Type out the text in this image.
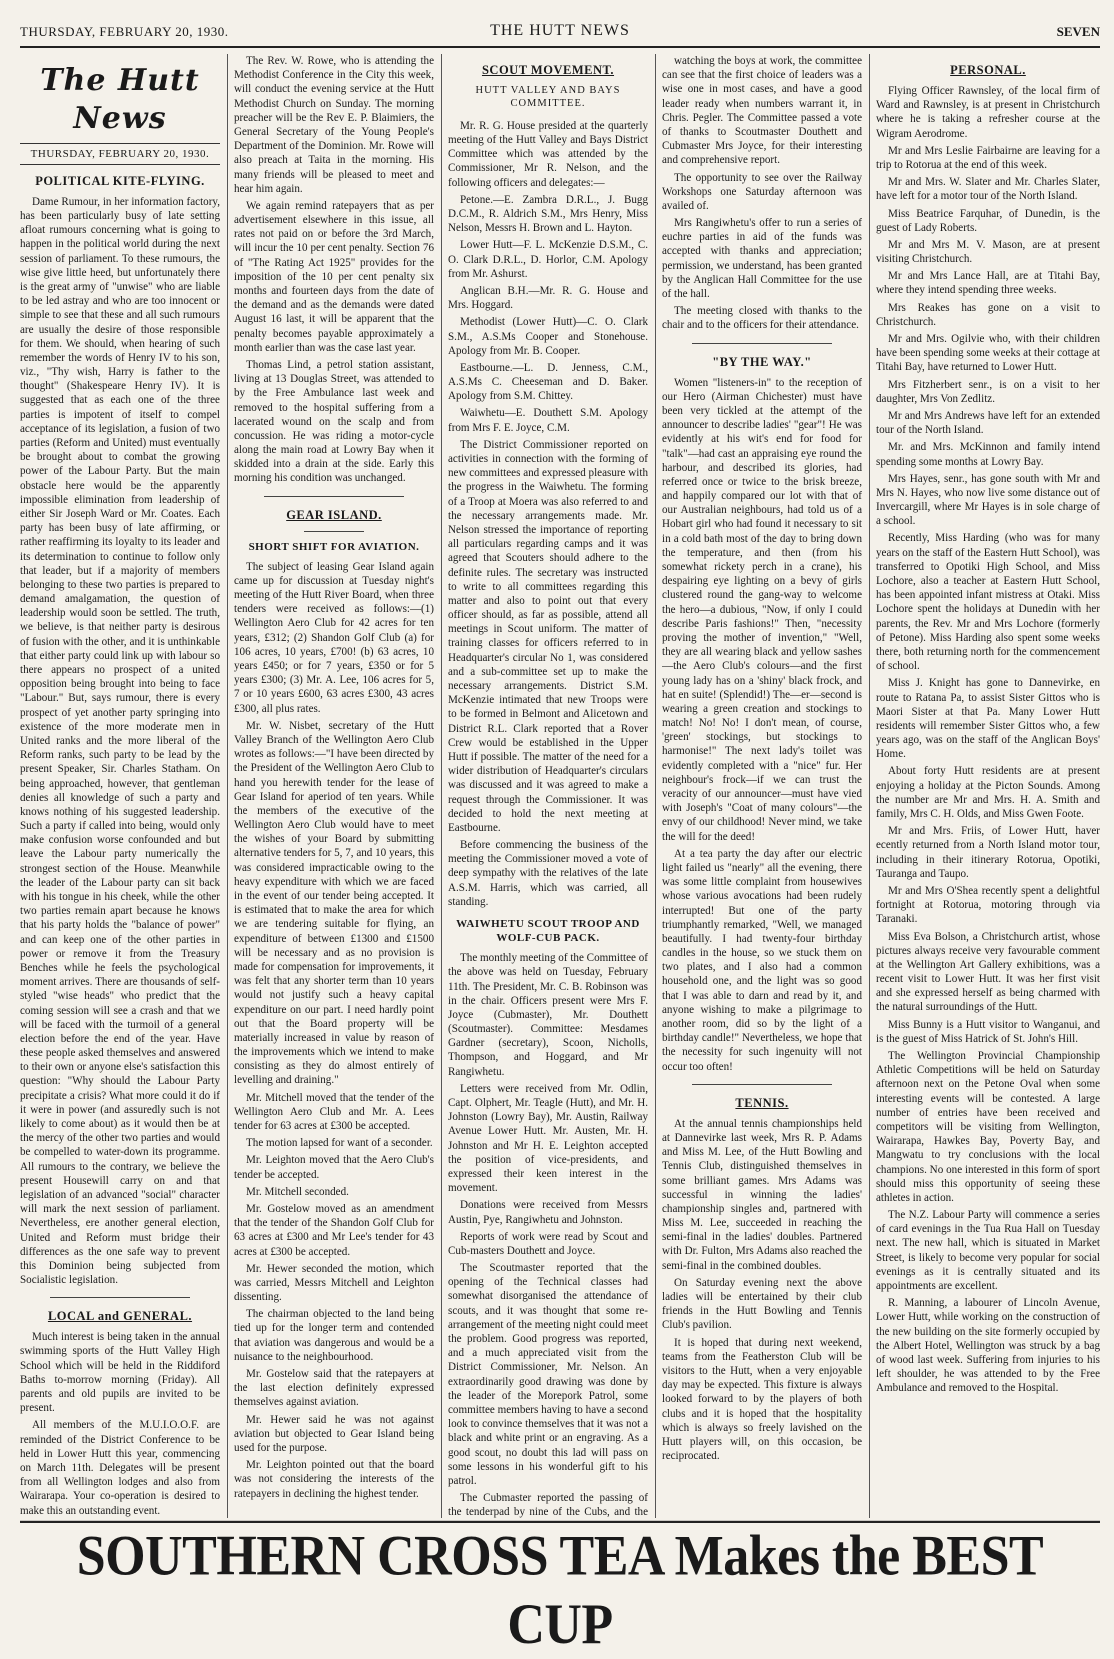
THURSDAY, FEBRUARY 20, 1930.	THE HUTT NEWS	SEVEN
The Hutt News
THURSDAY, FEBRUARY 20, 1930.
POLITICAL KITE-FLYING.

Dame Rumour, in her information factory, has been particularly busy of late setting afloat rumours concerning what is going to happen in the political world during the next session of parliament. To these rumours, the wise give little heed, but unfortunately there is the great army of "unwise" who are liable to be led astray and who are too innocent or simple to see that these and all such rumours are usually the desire of those responsible for them. We should, when hearing of such remember the words of Henry IV to his son, viz., "Thy wish, Harry is father to the thought" (Shakespeare Henry IV). It is suggested that as each one of the three parties is impotent of itself to compel acceptance of its legislation, a fusion of two parties (Reform and United) must eventually be brought about to combat the growing power of the Labour Party. But the main obstacle here would be the apparently impossible elimination from leadership of either Sir Joseph Ward or Mr. Coates. Each party has been busy of late affirming, or rather reaffirming its loyalty to its leader and its determination to continue to follow only that leader, but if a majority of members belonging to these two parties is prepared to demand amalgamation, the question of leadership would soon be settled. The truth, we believe, is that neither party is desirous of fusion with the other, and it is unthinkable that either party could link up with labour so there appears no prospect of a united opposition being brought into being to face "Labour." But, says rumour, there is every prospect of yet another party springing into existence of the more moderate men in United ranks and the more liberal of the Reform ranks, such party to be lead by the present Speaker, Sir. Charles Statham. On being approached, however, that gentleman denies all knowledge of such a party and knows nothing of his suggested leadership. Such a party if called into being, would only make confusion worse confounded and but leave the Labour party numerically the strongest section of the House. Meanwhile the leader of the Labour party can sit back with his tongue in his cheek, while the other two parties remain apart because he knows that his party holds the "balance of power" and can keep one of the other parties in power or remove it from the Treasury Benches while he feels the psychological moment arrives. There are thousands of self-styled "wise heads" who predict that the coming session will see a crash and that we will be faced with the turmoil of a general election before the end of the year. Have these people asked themselves and answered to their own or anyone else's satisfaction this question: "Why should the Labour Party precipitate a crisis? What more could it do if it were in power (and assuredly such is not likely to come about) as it would then be at the mercy of the other two parties and would be compelled to water-down its programme. All rumours to the contrary, we believe the present Housewill carry on and that legislation of an advanced "social" character will mark the next session of parliament. Nevertheless, ere another general election, United and Reform must bridge their differences as the one safe way to prevent this Dominion being subjected from Socialistic legislation.

LOCAL and GENERAL.

Much interest is being taken in the annual swimming sports of the Hutt Valley High School which will be held in the Riddiford Baths to-morrow morning (Friday). All parents and old pupils are invited to be present.

All members of the M.U.I.O.O.F. are reminded of the District Conference to be held in Lower Hutt this year, commencing on March 11th. Delegates will be present from all Wellington lodges and also from Wairarapa. Your co-operation is desired to make this an outstanding event.

The Rev. W. Rowe, who is attending the Methodist Conference in the City this week, will conduct the evening service at the Hutt Methodist Church on Sunday. The morning preacher will be the Rev E. P. Blaimiers, the General Secretary of the Young People's Department of the Dominion. Mr. Rowe will also preach at Taita in the morning. His many friends will be pleased to meet and hear him again.

We again remind ratepayers that as per advertisement elsewhere in this issue, all rates not paid on or before the 3rd March, will incur the 10 per cent penalty. Section 76 of "The Rating Act 1925" provides for the imposition of the 10 per cent penalty six months and fourteen days from the date of the demand and as the demands were dated August 16 last, it will be apparent that the penalty becomes payable approximately a month earlier than was the case last year.

Thomas Lind, a petrol station assistant, living at 13 Douglas Street, was attended to by the Free Ambulance last week and removed to the hospital suffering from a lacerated wound on the scalp and from concussion. He was riding a motor-cycle along the main road at Lowry Bay when it skidded into a drain at the side. Early this morning his condition was unchanged.

GEAR ISLAND.
SHORT SHIFT FOR AVIATION.

The subject of leasing Gear Island again came up for discussion at Tuesday night's meeting of the Hutt River Board, when three tenders were received as follows:—(1) Wellington Aero Club for 42 acres for ten years, £312; (2) Shandon Golf Club (a) for 106 acres, 10 years, £700! (b) 63 acres, 10 years £450; or for 7 years, £350 or for 5 years £300; (3) Mr. A. Lee, 106 acres for 5, 7 or 10 years £600, 63 acres £300, 43 acres £300, all plus rates.

Mr. W. Nisbet, secretary of the Hutt Valley Branch of the Wellington Aero Club wrotes as follows:—"I have been directed by the President of the Wellington Aero Club to hand you herewith tender for the lease of Gear Island for aperiod of ten years. While the members of the executive of the Wellington Aero Club would have to meet the wishes of your Board by submitting alternative tenders for 5, 7, and 10 years, this was considered impracticable owing to the heavy expenditure with which we are faced in the event of our tender being accepted. It is estimated that to make the area for which we are tendering suitable for flying, an expenditure of between £1300 and £1500 will be necessary and as no provision is made for compensation for improvements, it was felt that any shorter term than 10 years would not justify such a heavy capital expenditure on our part. I need hardly point out that the Board property will be materially increased in value by reason of the improvements which we intend to make consisting as they do almost entirely of levelling and draining."

Mr. Mitchell moved that the tender of the Wellington Aero Club and Mr. A. Lees tender for 63 acres at £300 be accepted.

The motion lapsed for want of a seconder.

Mr. Leighton moved that the Aero Club's tender be accepted.

Mr. Mitchell seconded.

Mr. Gostelow moved as an amendment that the tender of the Shandon Golf Club for 63 acres at £300 and Mr Lee's tender for 43 acres at £300 be accepted.

Mr. Hewer seconded the motion, which was carried, Messrs Mitchell and Leighton dissenting.

The chairman objected to the land being tied up for the longer term and contended that aviation was dangerous and would be a nuisance to the neighbourhood.

Mr. Gostelow said that the ratepayers at the last election definitely expressed themselves against aviation.

Mr. Hewer said he was not against aviation but objected to Gear Island being used for the purpose.

Mr. Leighton pointed out that the board was not considering the interests of the ratepayers in declining the highest tender.

SCOUT MOVEMENT.
HUTT VALLEY AND BAYS COMMITTEE.

Mr. R. G. House presided at the quarterly meeting of the Hutt Valley and Bays District Committee which was attended by the Commissioner, Mr R. Nelson, and the following officers and delegates:—

Petone.—E. Zambra D.R.L., J. Bugg D.C.M., R. Aldrich S.M., Mrs Henry, Miss Nelson, Messrs H. Brown and L. Hayton.

Lower Hutt—F. L. McKenzie D.S.M., C. O. Clark D.R.L., D. Horlor, C.M. Apology from Mr. Ashurst.

Anglican B.H.—Mr. R. G. House and Mrs. Hoggard.

Methodist (Lower Hutt)—C. O. Clark S.M., A.S.Ms Cooper and Stonehouse. Apology from Mr. B. Cooper.

Eastbourne.—L. D. Jenness, C.M., A.S.Ms C. Cheeseman and D. Baker. Apology from S.M. Chittey.

Waiwhetu—E. Douthett S.M. Apology from Mrs F. E. Joyce, C.M.

The District Commissioner reported on activities in connection with the forming of new committees and expressed pleasure with the progress in the Waiwhetu. The forming of a Troop at Moera was also referred to and the necessary arrangements made. Mr. Nelson stressed the importance of reporting all particulars regarding camps and it was agreed that Scouters should adhere to the definite rules. The secretary was instructed to write to all committees regarding this matter and also to point out that every officer should, as far as possible, attend all meetings in Scout uniform. The matter of training classes for officers referred to in Headquarter's circular No 1, was considered and a sub-committee set up to make the necessary arrangements. District S.M. McKenzie intimated that new Troops were to be formed in Belmont and Alicetown and District R.L. Clark reported that a Rover Crew would be established in the Upper Hutt if possible. The matter of the need for a wider distribution of Headquarter's circulars was discussed and it was agreed to make a request through the Commissioner. It was decided to hold the next meeting at Eastbourne.

Before commencing the business of the meeting the Commissioner moved a vote of deep sympathy with the relatives of the late A.S.M. Harris, which was carried, all standing.

WAIWHETU SCOUT TROOP AND WOLF-CUB PACK.

The monthly meeting of the Committee of the above was held on Tuesday, February 11th. The President, Mr. C. B. Robinson was in the chair. Officers present were Mrs F. Joyce (Cubmaster), Mr. Douthett (Scoutmaster). Committee: Mesdames Gardner (secretary), Scoon, Nicholls, Thompson, and Hoggard, and Mr Rangiwhetu.

Letters were received from Mr. Odlin, Capt. Olphert, Mr. Teagle (Hutt), and Mr. H. Johnston (Lowry Bay), Mr. Austin, Railway Avenue Lower Hutt. Mr. Austen, Mr. H. Johnston and Mr H. E. Leighton accepted the position of vice-presidents, and expressed their keen interest in the movement.

Donations were received from Messrs Austin, Pye, Rangiwhetu and Johnston.

Reports of work were read by Scout and Cub-masters Douthett and Joyce.

The Scoutmaster reported that the opening of the Technical classes had somewhat disorganised the attendance of scouts, and it was thought that some re-arrangement of the meeting night could meet the problem. Good progress was reported, and a much appreciated visit from the District Commissioner, Mr. Nelson. An extraordinarily good drawing was done by the leader of the Morepork Patrol, some committee members having to have a second look to convince themselves that it was not a black and white print or an engraving. As a good scout, no doubt this lad will pass on some lessons in his wonderful gift to his patrol.

The Cubmaster reported the passing of the tenderpad by nine of the Cubs, and the

watching the boys at work, the committee can see that the first choice of leaders was a wise one in most cases, and have a good leader ready when numbers warrant it, in Chris. Pegler. The Committee passed a vote of thanks to Scoutmaster Douthett and Cubmaster Mrs Joyce, for their interesting and comprehensive report.

The opportunity to see over the Railway Workshops one Saturday afternoon was availed of.

Mrs Rangiwhetu's offer to run a series of euchre parties in aid of the funds was accepted with thanks and appreciation; permission, we understand, has been granted by the Anglican Hall Committee for the use of the hall.

The meeting closed with thanks to the chair and to the officers for their attendance.

"BY THE WAY."

Women "listeners-in" to the reception of our Hero (Airman Chichester) must have been very tickled at the attempt of the announcer to describe ladies' "gear"! He was evidently at his wit's end for food for "talk"—had cast an appraising eye round the harbour, and described its glories, had referred once or twice to the brisk breeze, and happily compared our lot with that of our Australian neighbours, had told us of a Hobart girl who had found it necessary to sit in a cold bath most of the day to bring down the temperature, and then (from his somewhat rickety perch in a crane), his despairing eye lighting on a bevy of girls clustered round the gang-way to welcome the hero—a dubious, "Now, if only I could describe Paris fashions!" Then, "necessity proving the mother of invention," "Well, they are all wearing black and yellow sashes—the Aero Club's colours—and the first young lady has on a 'shiny' black frock, and hat en suite! (Splendid!) The—er—second is wearing a green creation and stockings to match! No! No! I don't mean, of course, 'green' stockings, but stockings to harmonise!" The next lady's toilet was evidently completed with a "nice" fur. Her neighbour's frock—if we can trust the veracity of our announcer—must have vied with Joseph's "Coat of many colours"—the envy of our childhood! Never mind, we take the will for the deed!

At a tea party the day after our electric light failed us "nearly" all the evening, there was some little complaint from housewives whose various avocations had been rudely interrupted! But one of the party triumphantly remarked, "Well, we managed beautifully. I had twenty-four birthday candles in the house, so we stuck them on two plates, and I also had a common household one, and the light was so good that I was able to darn and read by it, and anyone wishing to make a pilgrimage to another room, did so by the light of a birthday candle!" Nevertheless, we hope that the necessity for such ingenuity will not occur too often!

TENNIS.

At the annual tennis championships held at Dannevirke last week, Mrs R. P. Adams and Miss M. Lee, of the Hutt Bowling and Tennis Club, distinguished themselves in some brilliant games. Mrs Adams was successful in winning the ladies' championship singles and, partnered with Miss M. Lee, succeeded in reaching the semi-final in the ladies' doubles. Partnered with Dr. Fulton, Mrs Adams also reached the semi-final in the combined doubles.

On Saturday evening next the above ladies will be entertained by their club friends in the Hutt Bowling and Tennis Club's pavilion.

It is hoped that during next weekend, teams from the Featherston Club will be visitors to the Hutt, when a very enjoyable day may be expected. This fixture is always looked forward to by the players of both clubs and it is hoped that the hospitality which is always so freely lavished on the Hutt players will, on this occasion, be reciprocated.

PERSONAL.

Flying Officer Rawnsley, of the local firm of Ward and Rawnsley, is at present in Christchurch where he is taking a refresher course at the Wigram Aerodrome.

Mr and Mrs Leslie Fairbairne are leaving for a trip to Rotorua at the end of this week.

Mr and Mrs. W. Slater and Mr. Charles Slater, have left for a motor tour of the North Island.

Miss Beatrice Farquhar, of Dunedin, is the guest of Lady Roberts.

Mr and Mrs M. V. Mason, are at present visiting Christchurch.

Mr and Mrs Lance Hall, are at Titahi Bay, where they intend spending three weeks.

Mrs Reakes has gone on a visit to Christchurch.

Mr and Mrs. Ogilvie who, with their children have been spending some weeks at their cottage at Titahi Bay, have returned to Lower Hutt.

Mrs Fitzherbert senr., is on a visit to her daughter, Mrs Von Zedlitz.

Mr and Mrs Andrews have left for an extended tour of the North Island.

Mr. and Mrs. McKinnon and family intend spending some months at Lowry Bay.

Mrs Hayes, senr., has gone south with Mr and Mrs N. Hayes, who now live some distance out of Invercargill, where Mr Hayes is in sole charge of a school.

Recently, Miss Harding (who was for many years on the staff of the Eastern Hutt School), was transferred to Opotiki High School, and Miss Lochore, also a teacher at Eastern Hutt School, has been appointed infant mistress at Otaki. Miss Lochore spent the holidays at Dunedin with her parents, the Rev. Mr and Mrs Lochore (formerly of Petone). Miss Harding also spent some weeks there, both returning north for the commencement of school.

Miss J. Knight has gone to Dannevirke, en route to Ratana Pa, to assist Sister Gittos who is Maori Sister at that Pa. Many Lower Hutt residents will remember Sister Gittos who, a few years ago, was on the staff of the Anglican Boys' Home.

About forty Hutt residents are at present enjoying a holiday at the Picton Sounds. Among the number are Mr and Mrs. H. A. Smith and family, Mrs C. H. Olds, and Miss Gwen Foote.

Mr and Mrs. Friis, of Lower Hutt, haver ecently returned from a North Island motor tour, including in their itinerary Rotorua, Opotiki, Tauranga and Taupo.

Mr and Mrs O'Shea recently spent a delightful fortnight at Rotorua, motoring through via Taranaki.

Miss Eva Bolson, a Christchurch artist, whose pictures always receive very favourable comment at the Wellington Art Gallery exhibitions, was a recent visit to Lower Hutt. It was her first visit and she expressed herself as being charmed with the natural surroundings of the Hutt.

Miss Bunny is a Hutt visitor to Wanganui, and is the guest of Miss Hatrick of St. John's Hill.

The Wellington Provincial Championship Athletic Competitions will be held on Saturday afternoon next on the Petone Oval when some interesting events will be contested. A large number of entries have been received and competitors will be visiting from Wellington, Wairarapa, Hawkes Bay, Poverty Bay, and Mangwatu to try conclusions with the local champions. No one interested in this form of sport should miss this opportunity of seeing these athletes in action.

The N.Z. Labour Party will commence a series of card evenings in the Tua Rua Hall on Tuesday next. The new hall, which is situated in Market Street, is likely to become very popular for social evenings as it is centrally situated and its appointments are excellent.

R. Manning, a labourer of Lincoln Avenue, Lower Hutt, while working on the construction of the new building on the site formerly occupied by the Albert Hotel, Wellington was struck by a bag of wood last week. Suffering from injuries to his left shoulder, he was attended to by the Free Ambulance and removed to the Hospital.

SOUTHERN CROSS TEA Makes the BEST CUP
